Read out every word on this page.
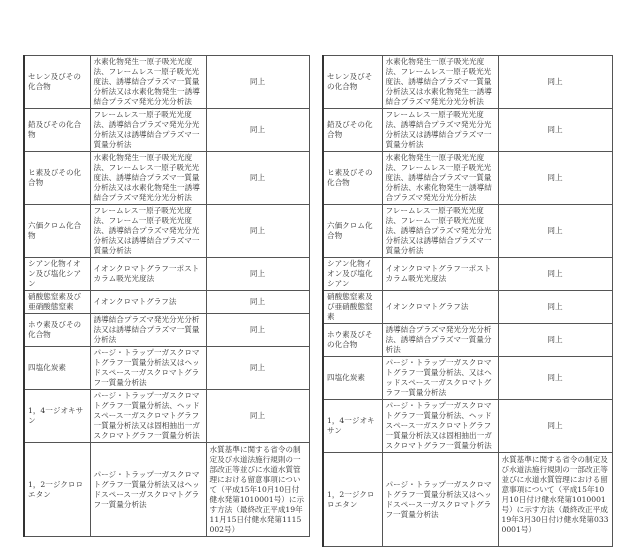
セレン及びその化合物	水素化物発生一原子吸光光度法、フレームレス一原子吸光光度法、誘導結合プラズマ一質量分析法又は水素化物発生一誘導結合プラズマ発光分光分析法	同上
鉛及びその化合物	フレームレス一原子吸光光度法、誘導結合プラズマ発光分光分析法又は誘導結合プラズマ一質量分析法	同上
ヒ素及びその化合物	水素化物発生一原子吸光光度法、フレームレス一原子吸光光度法、誘導結合プラズマ一質量分析法又は水素化物発生一誘導結合プラズマ発光分光分析法	同上
六価クロム化合物	フレームレス一原子吸光光度法、フレーム一原子吸光光度法、誘導結合プラズマ発光分光分析法又は誘導結合プラズマ一質量分析法	同上
シアン化物イオン及び塩化シアン	イオンクロマトグラフ一ポストカラム吸光光度法	同上
硝酸態窒素及び亜硝酸態窒素	イオンクロマトグラフ法	同上
ホウ素及びその化合物	誘導結合プラズマ発光分光分析法又は誘導結合プラズマ一質量分析法	同上
四塩化炭素	パージ・トラップ一ガスクロマトグラフ一質量分析法又はヘッドスペース一ガスクロマトグラフ一質量分析法	同上
1，4一ジオキサン	パージ・トラップ一ガスクロマトグラフ一質量分析法、ヘッドスペース一ガスクロマトグラフ一質量分析法又は固相抽出一ガスクロマトグラフ一質量分析法	同上
1，2一ジクロロエタン	パージ・トラップ一ガスクロマトグラフ一質量分析法又はヘッドスペース一ガスクロマトグラフ一質量分析法	水質基準に関する省令の制定及び水道法施行規則の一部改正等並びに水道水質管理における留意事項について（平成15年10月10日付健水発第1010001号）に示す方法（最終改正平成19年11月15日付健水発第1115002号）
セレン及びその化合物	水素化物発生一原子吸光光度法、フレームレス一原子吸光光度法、誘導結合プラズマ一質量分析法又は水素化物発生一誘導結合プラズマ発光分光分析法	同上
鉛及びその化合物	フレームレス一原子吸光光度法、誘導結合プラズマ発光分光分析法又は誘導結合プラズマ一質量分析法	同上
ヒ素及びその化合物	水素化物発生一原子吸光光度法、フレームレス一原子吸光光度法、誘導結合プラズマ一質量分析法、水素化物発生一誘導結合プラズマ発光分光分析法	同上
六価クロム化合物	フレームレス一原子吸光光度法、フレーム一原子吸光光度法、誘導結合プラズマ発光分光分析法又は誘導結合プラズマ一質量分析法	同上
シアン化物イオン及び塩化シアン	イオンクロマトグラフ一ポストカラム吸光光度法	同上
硝酸態窒素及び亜硝酸態窒素	イオンクロマトグラフ法	同上
ホウ素及びその化合物	誘導結合プラズマ発光分光分析法、誘導結合プラズマ一質量分析法	同上
四塩化炭素	パージ・トラップ一ガスクロマトグラフ一質量分析法、又はヘッドスペース一ガスクロマトグラフ一質量分析法	同上
1，4一ジオキサン	パージ・トラップ一ガスクロマトグラフ一質量分析法、ヘッドスペース一ガスクロマトグラフ一質量分析法又は固相抽出一ガスクロマトグラフ一質量分析法	同上
1，2一ジクロロエタン	パージ・トラップ一ガスクロマトグラフ一質量分析法又はヘッドスペース一ガスクロマトグラフ一質量分析法	水質基準に関する省令の制定及び水道法施行規則の一部改正等並びに水道水質管理における留意事項について（平成15年10月10日付け健水発第1010001号）に示す方法（最終改正平成19年3月30日付け健水発第0330001号）
